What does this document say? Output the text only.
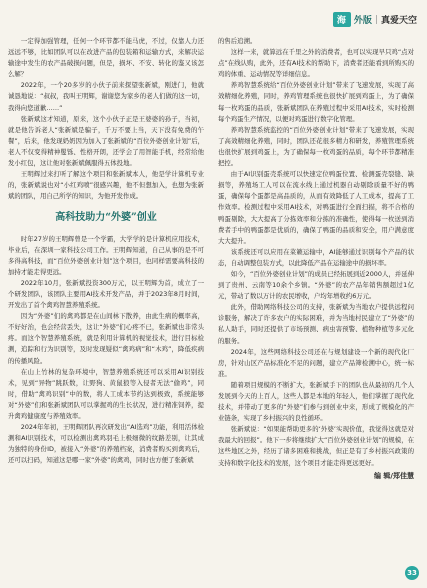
海 外版 | 真爱天空

一定得加强管理，任何一个环节都不能马虎，不过，仅靠人力还远远不够，比如团队可以在改进产品的包装箱和运输方式，来解决运输途中发生的农产品破损问题，但是，损坏、不安、转化的鉴又该怎么解？

2022年，一个20多岁的小伙子前来探望张新斌，刚进门，他就诚恳地说：“叔叔，我叫王明辉，谢谢您为家乡的老人们做的这一切，我得向您道歉……”

张新斌这才知道，原来，这个小伙子正是王婆婆的孙子，当初，就是他告诉老人“张新斌是骗子，千万不要上当，天下没有免费的午餐”，后来，他发现奶奶因为加入了张新斌的“百位外婆创业计划”后，老人不仅变得精神矍铄、性格开朗，还学会了用智能手机，经常给他发小红包，这让他对张新斌佩服得五体投地。

王明辉过来打听了解这个项目和张新斌本人，他是学计算机专业的，张新斌说也对“小红鸡喷”很感兴趣，他不但想加入，也想为张新斌的团队，用自己所学的知识，为他开发作成。

高科技助力“外婆”创业

时年27岁的王明辉曾是一个学霸，大学学的是计算机应用技术，毕业后，在深圳一家科技公司工作。王明辉知道，自己从事的是不可多得高科技，而“百位外婆创业计划”这个项目，也同样需要高科技的加持才能走得更远。

2022年10月，张新斌投资300万元，以王明辉为首，成立了一个研发团队，该团队主要用AI技术开发产品，并于2023年8月时间，开发出了首个禽鸡智慧养殖系统。

因为“外婆”们的禽鸡都是在山间林下散养，由此生病的概率高，不好好治，也会经营丢失，这让“外婆”们心疼不已，张新斌也非常头疼。而这个智慧养殖系统，就是利用计算机的视觉技术，进行目标检测，追踪和行为识别等，及时发现疑似“禽鸡病”和“木鸡”，降低疾病的传播风险。

在山上竹林的复杂环境中，智慧养殖系统还可以采用AI识别技术，见到“异物”跳跃数，让野狗、黄鼠狼等入侵者无法“偷鸡”，同时，借助“禽鸡识别”中的数，将人工成本节约达到极致，系统能够对“外婆”们和张新斌团队可以掌握鸡的生长状况，进行精准饲养，提升禽鸡健康度与养殖效率。

2024年年初，王明辉团队再次研发出“AI选鸡”功能，利用活体检测和AI识别技术，可以检测出禽鸡羽毛上极细微的纹路差别，让其成为独特的身份ID，被接入“外婆”的养殖档案，消费者购买到禽鸡后，还可以扫码，知道这是哪一家“外婆”的禽鸡，同时也方便了张新斌

的售后追溯。

这样一来，就算远在千里之外的消费者，也可以实现早只鸡“点对点”在线认购，此外，还有AI技术的帮助下，消费者还能看到所购买的鸡的体重、运动情况等详细信息。

养鸡智慧系统给“百位外婆创业计划”带来了飞速发展，实现了高效精细化养殖，同时，养鸡管理系统也很快扩展到鸡蛋上，为了确保每一枚鸡蛋的品质，张新斌团队在养殖过程中采用AI技术，实时检测每个鸡蛋生产情况，以便对鸡蛋进行数字化管理。

养鸡智慧系统监控的“百位外婆创业计划”带来了飞速发展，实现了高效精细化养殖，同时，团队还花很多精力和研发，养殖管理系统也很快扩展到鸡蛋上，为了确保每一枚鸡蛋的品质，每个环节都精准把控。

由于AI识别蛋壳系统可以快速定位鸭蛋位置、检测蛋壳裂缝、缺损等，养殖场工人可以在流水线上通过机器自动剔除质量不好的鸭蛋，确保每个蛋都是高品质的，从而有效降低了人工成本，提高了工作效率。检测过程中采用AI技术，对鸭蛋进行全面扫描，将不合格的鸭蛋剔除，大大提高了分拣效率和分拣的准确性，使得每一枚送到消费者手中的鸭蛋都是优质的，确保了鸭蛋的品质和安全，用户满意度大大提升。

该系统还可以应用在菜籁运输中，AI能够通过识别每个产品的状态，自动调整包装方式，以此降低产品在运输途中的损坏率。

如今，“百位外婆创业计划”的成员已经拓展到近2000人，并延伸到了贵州、云南等10余个乡镇。“外婆”的农产品年销售额超过1亿元，带动了数以万计的农民增收，户均年增收约6万元。

此外，借助网络科技公司的支持，张新斌为当地农户提供远程问诊服务，解决了许多农户的实际困难，并为当地村民建立了“外婆”的私人助手，同时还提供了市场预测、病虫害预警、植物种植等多元化的服务。

2024年，这些网络科技公司还在与规划建设一个新的现代化厂房，针对山区产品标准化不足的问题，建立产品筛检溯中心，统一标准。

随着项目规模的不断扩大，张新斌手下的团队也从最初的几个人发展到今天的上百人，这些人都是本地的年轻人，他们掌握了现代化技术，并带动了更多的“外婆”们参与到创业中来，形成了规模化的产业链条，实现了乡村振兴的良性循环。

张新斌说：“如果能帮助更多的‘外婆’实现价值，我觉得这就是对我最大的回报”。他下一步将继续扩大“百位外婆创业计划”的规模，在这些地区之外，经历了诸多困难和挑战，但正是有了乡村振兴政策的支持和数字化技术的发展，这个项目才能走得更远更好。

编 辑/郑佳慧
33
